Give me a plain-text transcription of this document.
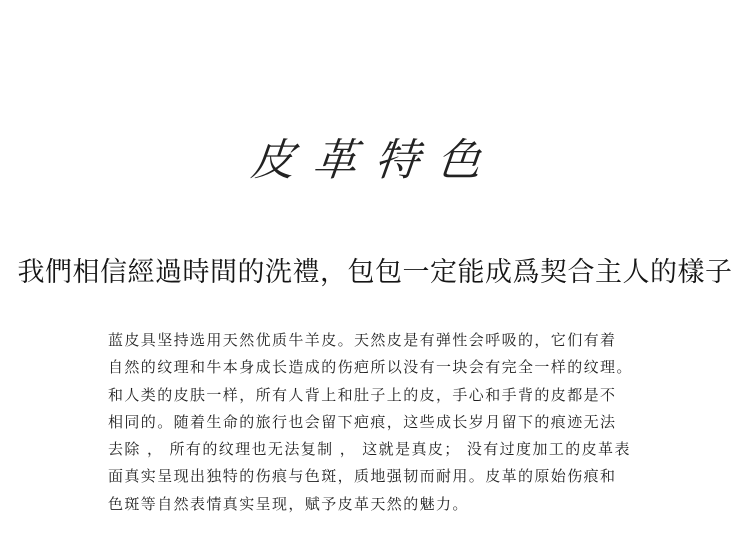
皮革特色
我們相信經過時間的洗禮，包包一定能成爲契合主人的樣子
蓝皮具坚持选用天然优质牛羊皮。天然皮是有弹性会呼吸的，它们有着
自然的纹理和牛本身成长造成的伤疤所以没有一块会有完全一样的纹理。
和人类的皮肤一样，所有人背上和肚子上的皮，手心和手背的皮都是不
相同的。随着生命的旅行也会留下疤痕，这些成长岁月留下的痕迹无法
去除 ， 所有的纹理也无法复制 ， 这就是真皮； 没有过度加工的皮革表
面真实呈现出独特的伤痕与色斑，质地强韧而耐用。皮革的原始伤痕和
色斑等自然表情真实呈现，赋予皮革天然的魅力。
